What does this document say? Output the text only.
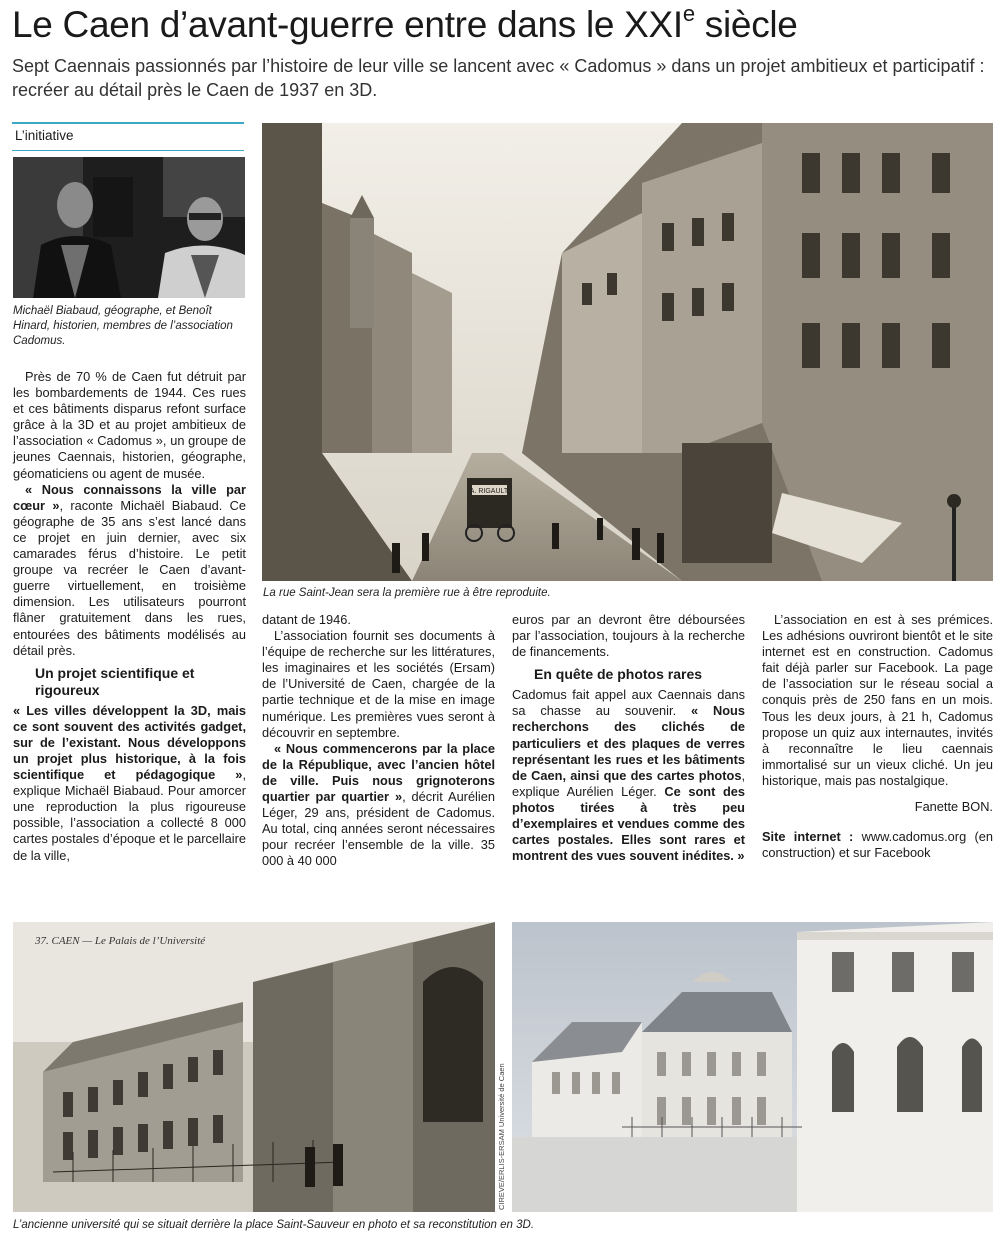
Le Caen d’avant-guerre entre dans le XXIe siècle
Sept Caennais passionnés par l’histoire de leur ville se lancent avec « Cadomus » dans un projet ambitieux et participatif : recréer au détail près le Caen de 1937 en 3D.
L’initiative
Michaël Biabaud, géographe, et Benoît Hinard, historien, membres de l’association Cadomus.
A. RIGAULT
La rue Saint-Jean sera la première rue à être reproduite.

Près de 70 % de Caen fut détruit par les bombardements de 1944. Ces rues et ces bâtiments disparus refont surface grâce à la 3D et au projet ambitieux de l’association « Cadomus », un groupe de jeunes Caennais, historien, géographe, géomaticiens ou agent de musée.

« Nous connaissons la ville par cœur », raconte Michaël Biabaud. Ce géographe de 35 ans s’est lancé dans ce projet en juin dernier, avec six camarades férus d’histoire. Le petit groupe va recréer le Caen d’avant-guerre virtuellement, en troisième dimension. Les utilisateurs pourront flâner gratuitement dans les rues, entourées des bâtiments modélisés au détail près.

Un projet scientifique et rigoureux

« Les villes développent la 3D, mais ce sont souvent des activités gadget, sur de l’existant. Nous développons un projet plus historique, à la fois scientifique et pédagogique », explique Michaël Biabaud. Pour amorcer une reproduction la plus rigoureuse possible, l’association a collecté 8 000 cartes postales d’époque et le parcellaire de la ville,

datant de 1946.

L’association fournit ses documents à l’équipe de recherche sur les littératures, les imaginaires et les sociétés (Ersam) de l’Université de Caen, chargée de la partie technique et de la mise en image numérique. Les premières vues seront à découvrir en septembre.

« Nous commencerons par la place de la République, avec l’ancien hôtel de ville. Puis nous grignoterons quartier par quartier », décrit Aurélien Léger, 29 ans, président de Cadomus. Au total, cinq années seront nécessaires pour recréer l’ensemble de la ville. 35 000 à 40 000

euros par an devront être déboursées par l’association, toujours à la recherche de financements.

En quête de photos rares

Cadomus fait appel aux Caennais dans sa chasse au souvenir. « Nous recherchons des clichés de particuliers et des plaques de verres représentant les rues et les bâtiments de Caen, ainsi que des cartes photos, explique Aurélien Léger. Ce sont des photos tirées à très peu d’exemplaires et vendues comme des cartes postales. Elles sont rares et montrent des vues souvent inédites. »

L’association en est à ses prémices. Les adhésions ouvriront bientôt et le site internet est en construction. Cadomus fait déjà parler sur Facebook. La page de l’association sur le réseau social a conquis près de 250 fans en un mois. Tous les deux jours, à 21 h, Cadomus propose un quiz aux internautes, invités à reconnaître le lieu caennais immortalisé sur un vieux cliché. Un jeu historique, mais pas nostalgique.

Fanette BON.

Site internet : www.cadomus.org (en construction) et sur Facebook

37. CAEN — Le Palais de l’Université
CIREVE/ERLIS-ERSAM Université de Caen
L’ancienne université qui se situait derrière la place Saint-Sauveur en photo et sa reconstitution en 3D.
